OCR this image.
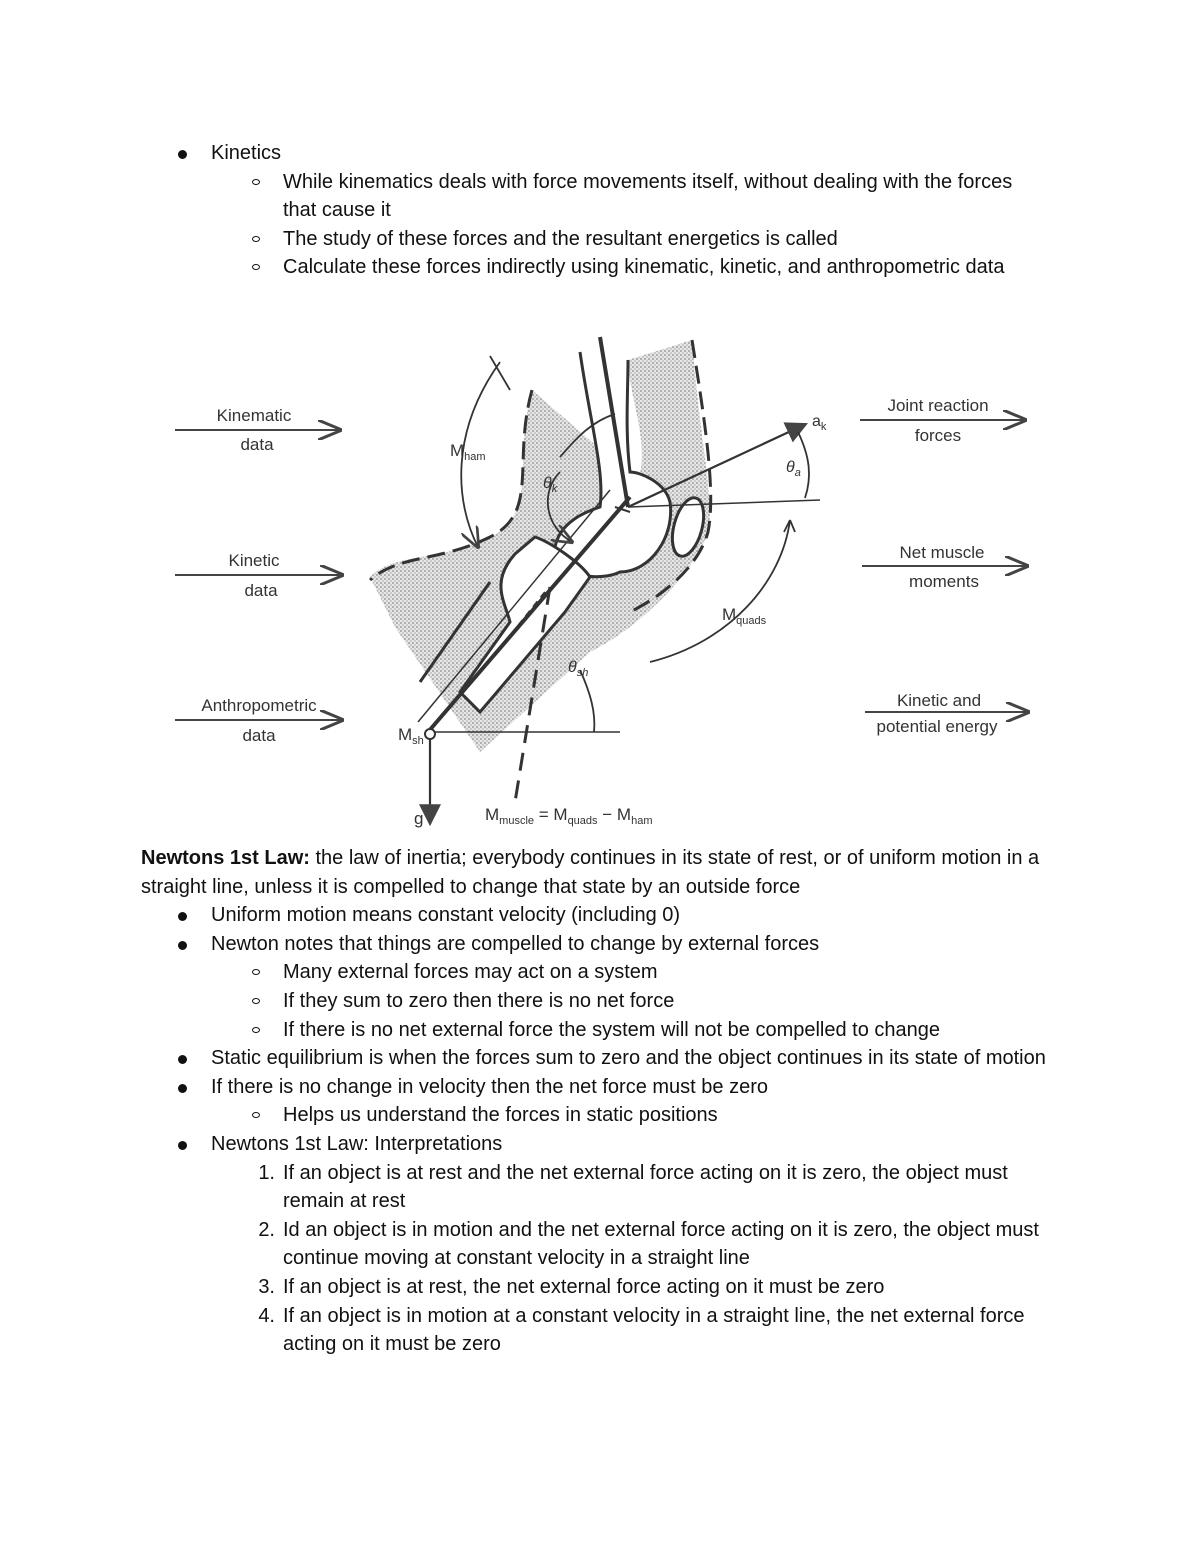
Kinetics
While kinematics deals with force movements itself, without dealing with the forces that cause it
The study of these forces and the resultant energetics is called
Calculate these forces indirectly using kinematic, kinetic, and anthropometric data
Kinematic
data
Kinetic
data
Anthropometric
data
Joint reaction
forces
Net muscle
moments
Kinetic and
potential energy
$M_{ham}$
$\theta_k$
$a_k$
$\theta_a$
$M_{quads}$
$\theta_{sh}$
$M_{sh}$
g	$M_{muscle} = M_{quads} - M_{ham}$
Newtons 1st Law: the law of inertia; everybody continues in its state of rest, or of uniform motion in a straight line, unless it is compelled to change that state by an outside force
Uniform motion means constant velocity (including 0)
Newton notes that things are compelled to change by external forces
Many external forces may act on a system
If they sum to zero then there is no net force
If there is no net external force the system will not be compelled to change
Static equilibrium is when the forces sum to zero and the object continues in its state of motion
If there is no change in velocity then the net force must be zero
Helps us understand the forces in static positions
Newtons 1st Law: Interpretations
1. If an object is at rest and the net external force acting on it is zero, the object must remain at rest
2. Id an object is in motion and the net external force acting on it is zero, the object must continue moving at constant velocity in a straight line
3. If an object is at rest, the net external force acting on it must be zero
4. If an object is in motion at a constant velocity in a straight line, the net external force acting on it must be zero
